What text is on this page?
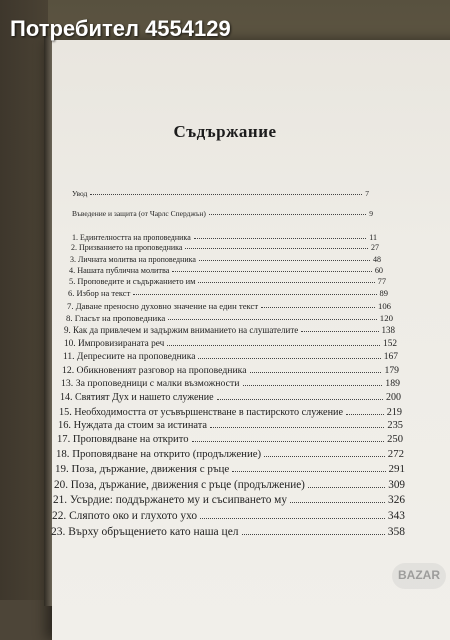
Потребител 4554129
Съдържание
Увод	7
Въведение и защита (от Чарлс Сперджън)	9
1. Единтелността на проповедника	11
2. Призванието на проповедника	27
3. Личната молитва на проповедника	48
4. Нашата публична молитва	60
5. Проповедите и съдържанието им	77
6. Избор на текст	89
7. Даване преносно духовно значение на един текст	106
8. Гласът на проповедника	120
9. Как да привлечем и задържим вниманието на слушателите	138
10. Импровизираната реч	152
11. Депресиите на проповедника	167
12. Обикновеният разговор на проповедника	179
13. За проповедници с малки възможности	189
14. Святият Дух и нашето служение	200
15. Необходимостта от усъвършенстване в пастирското служение	219
16. Нуждата да стоим за истината	235
17. Проповядване на открито	250
18. Проповядване на открито (продължение)	272
19. Поза, държание, движения с ръце	291
20. Поза, държание, движения с ръце (продължение)	309
21. Усърдие: поддържането му и съсипването му	326
22. Сляпото око и глухото ухо	343
23. Върху обръщението като наша цел	358
BAZAR
